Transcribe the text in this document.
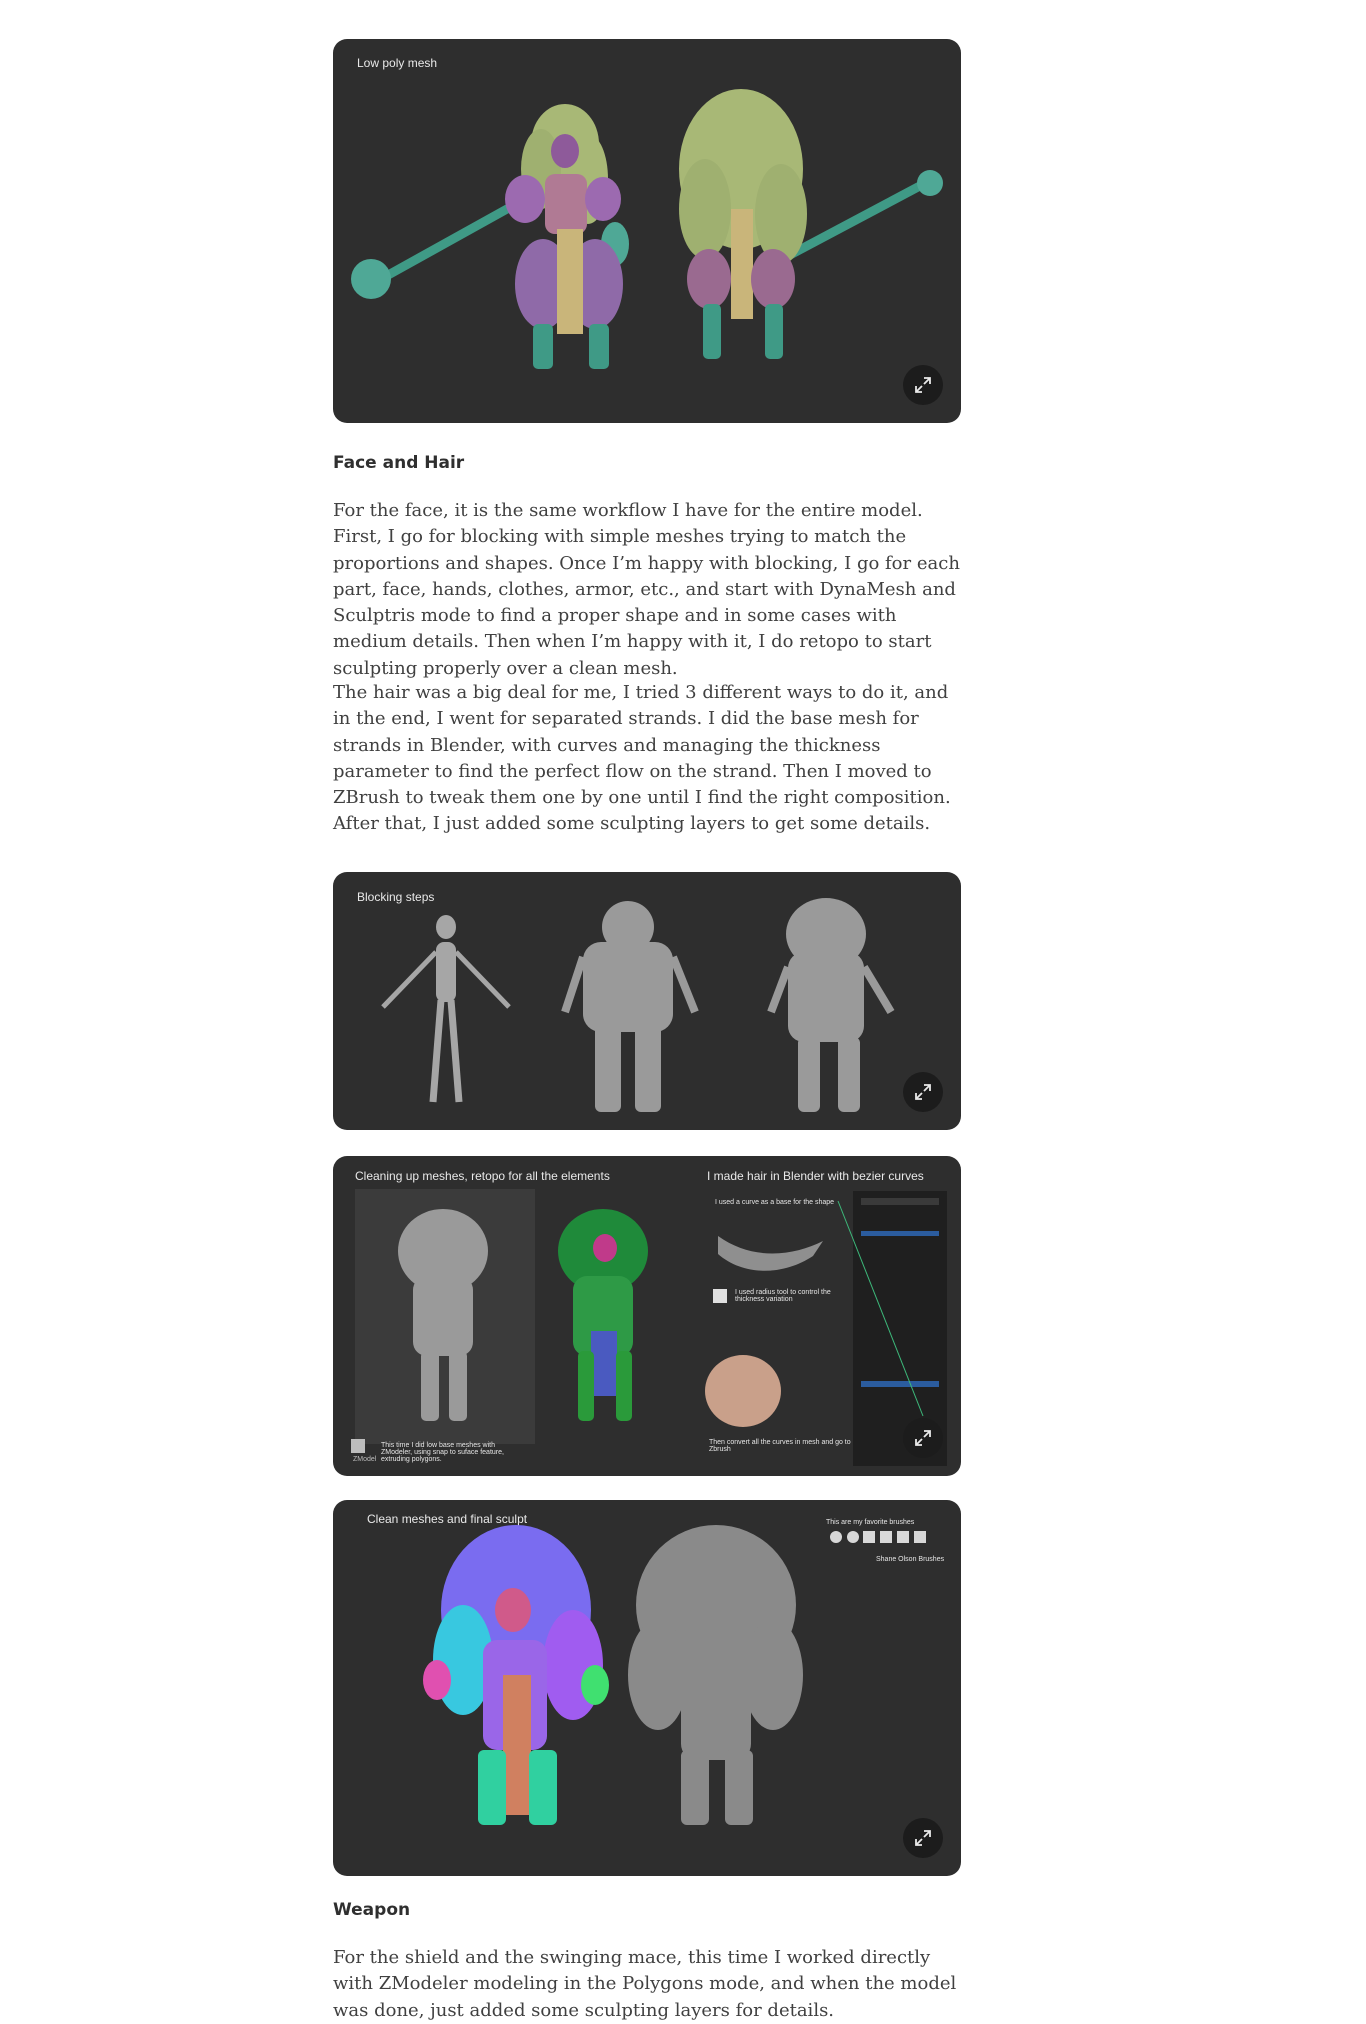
Low poly mesh
Face and Hair

For the face, it is the same workflow I have for the entire model. First, I go for blocking with simple meshes trying to match the proportions and shapes. Once I’m happy with blocking, I go for each part, face, hands, clothes, armor, etc., and start with DynaMesh and Sculptris mode to find a proper shape and in some cases with medium details. Then when I’m happy with it, I do retopo to start sculpting properly over a clean mesh.

The hair was a big deal for me, I tried 3 different ways to do it, and in the end, I went for separated strands. I did the base mesh for strands in Blender, with curves and managing the thickness parameter to find the perfect flow on the strand. Then I moved to ZBrush to tweak them one by one until I find the right composition. After that, I just added some sculpting layers to get some details.

Blocking steps
Cleaning up meshes, retopo for all the elements	I made hair in Blender with bezier curves
I used a curve as a base for the shape
I used radius tool to control the thickness variation
Then convert all the curves in mesh and go to Zbrush
This time I did low base meshes with ZModeler, using snap to suface feature, extruding polygons.
ZModel
Clean meshes and final sculpt	This are my favorite brushes
Shane Olson Brushes
Weapon

For the shield and the swinging mace, this time I worked directly with ZModeler modeling in the Polygons mode, and when the model was done, just added some sculpting layers for details.
